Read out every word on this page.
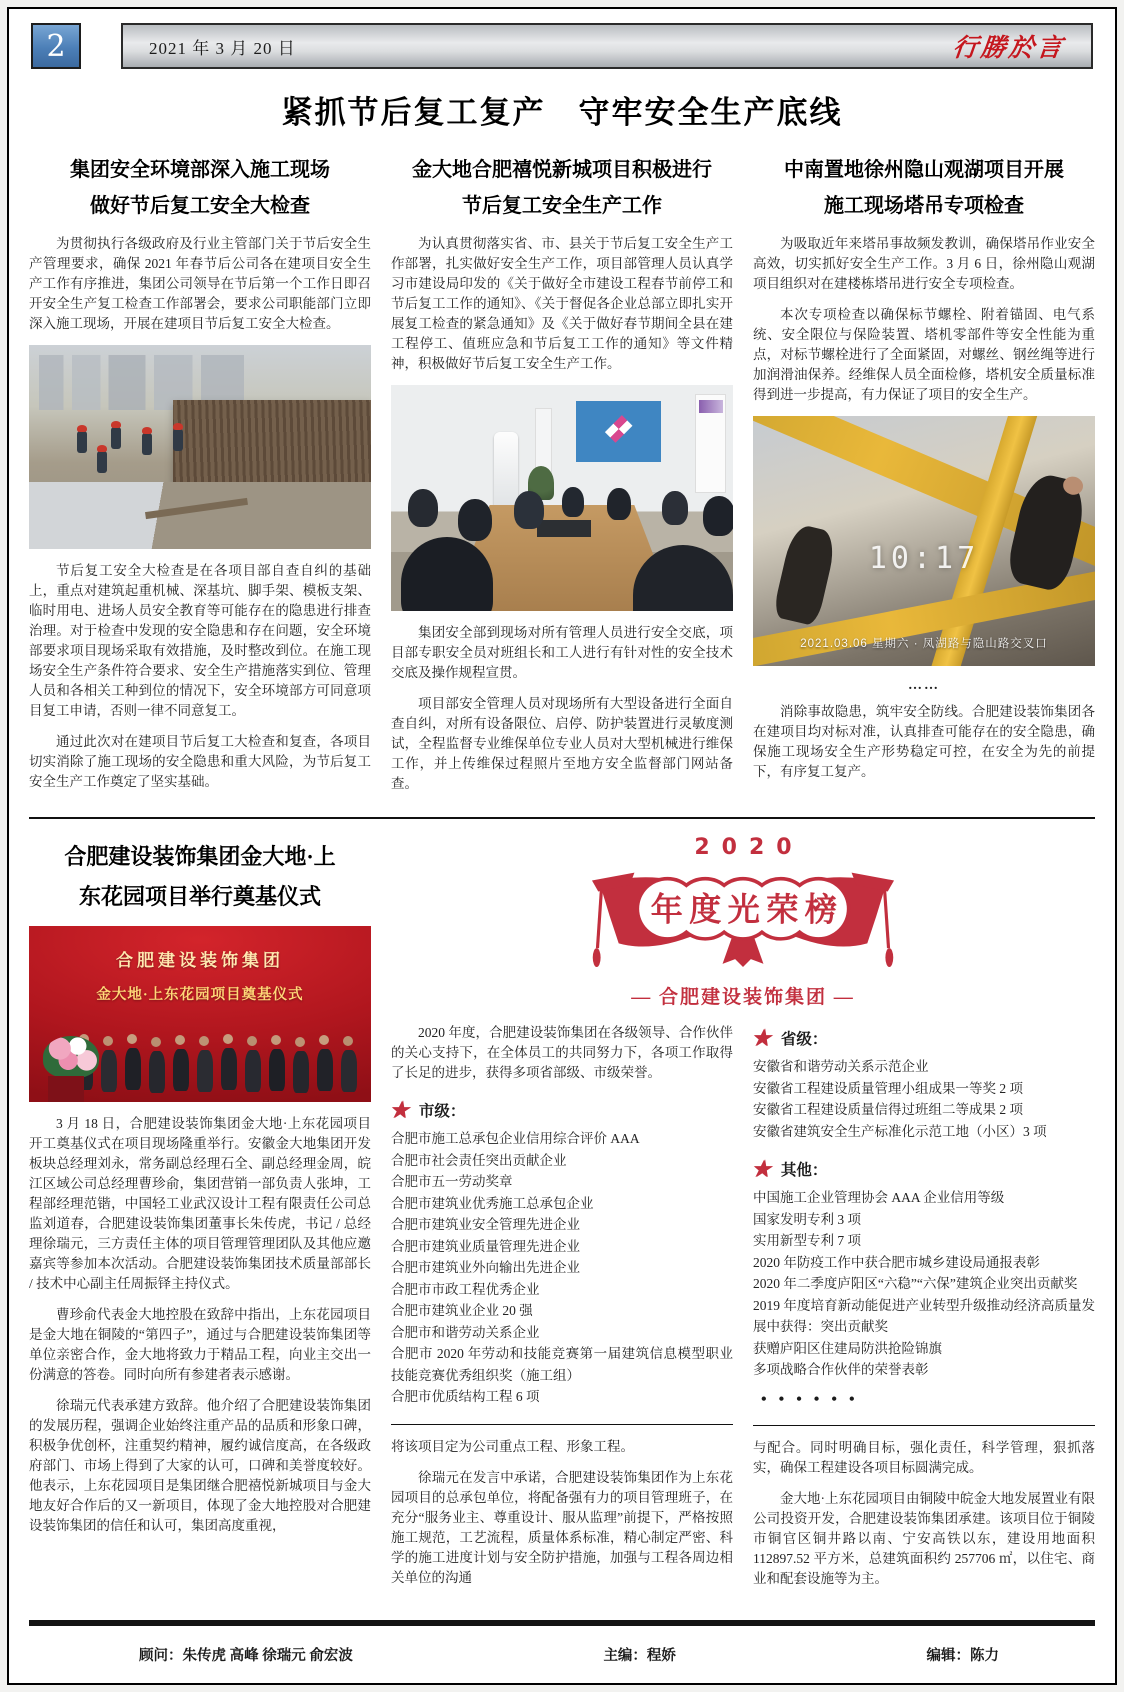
2	2021 年 3 月 20 日	行勝於言
紧抓节后复工复产　守牢安全生产底线
集团安全环境部深入施工现场
做好节后复工安全大检查

为贯彻执行各级政府及行业主管部门关于节后安全生产管理要求，确保 2021 年春节后公司各在建项目安全生产工作有序推进，集团公司领导在节后第一个工作日即召开安全生产复工检查工作部署会，要求公司职能部门立即深入施工现场，开展在建项目节后复工安全大检查。

节后复工安全大检查是在各项目部自查自纠的基础上，重点对建筑起重机械、深基坑、脚手架、模板支架、临时用电、进场人员安全教育等可能存在的隐患进行排查治理。对于检查中发现的安全隐患和存在问题，安全环境部要求项目现场采取有效措施，及时整改到位。在施工现场安全生产条件符合要求、安全生产措施落实到位、管理人员和各相关工种到位的情况下，安全环境部方可同意项目复工申请，否则一律不同意复工。

通过此次对在建项目节后复工大检查和复查，各项目切实消除了施工现场的安全隐患和重大风险，为节后复工安全生产工作奠定了坚实基础。

金大地合肥禧悦新城项目积极进行
节后复工安全生产工作

为认真贯彻落实省、市、县关于节后复工安全生产工作部署，扎实做好安全生产工作，项目部管理人员认真学习市建设局印发的《关于做好全市建设工程春节前停工和节后复工工作的通知》、《关于督促各企业总部立即扎实开展复工检查的紧急通知》及《关于做好春节期间全县在建工程停工、值班应急和节后复工工作的通知》等文件精神，积极做好节后复工安全生产工作。

集团安全部到现场对所有管理人员进行安全交底，项目部专职安全员对班组长和工人进行有针对性的安全技术交底及操作规程宣贯。

项目部安全管理人员对现场所有大型设备进行全面自查自纠，对所有设备限位、启停、防护装置进行灵敏度测试，全程监督专业维保单位专业人员对大型机械进行维保工作，并上传维保过程照片至地方安全监督部门网站备查。

中南置地徐州隐山观湖项目开展
施工现场塔吊专项检查

为吸取近年来塔吊事故频发教训，确保塔吊作业安全高效，切实抓好安全生产工作。3 月 6 日，徐州隐山观湖项目组织对在建楼栋塔吊进行安全专项检查。

本次专项检查以确保标节螺栓、附着锚固、电气系统、安全限位与保险装置、塔机零部件等安全性能为重点，对标节螺栓进行了全面紧固，对螺丝、钢丝绳等进行加润滑油保养。经维保人员全面检修，塔机安全质量标准得到进一步提高，有力保证了项目的安全生产。

10:17
2021.03.06 星期六 · 凤湖路与隐山路交叉口
……

消除事故隐患，筑牢安全防线。合肥建设装饰集团各在建项目均对标对准，认真排查可能存在的安全隐患，确保施工现场安全生产形势稳定可控，在安全为先的前提下，有序复工复产。

合肥建设装饰集团金大地·上
东花园项目举行奠基仪式
合肥建设装饰集团
金大地·上东花园项目奠基仪式

3 月 18 日，合肥建设装饰集团金大地·上东花园项目开工奠基仪式在项目现场隆重举行。安徽金大地集团开发板块总经理刘永，常务副总经理石全、副总经理金周，皖江区域公司总经理曹珍俞，集团营销一部负责人张坤，工程部经理范锴，中国轻工业武汉设计工程有限责任公司总监刘道春，合肥建设装饰集团董事长朱传虎，书记 / 总经理徐瑞元，三方责任主体的项目管理管理团队及其他应邀嘉宾等参加本次活动。合肥建设装饰集团技术质量部部长 / 技术中心副主任周振铎主持仪式。

曹珍俞代表金大地控股在致辞中指出，上东花园项目是金大地在铜陵的“第四子”，通过与合肥建设装饰集团等单位亲密合作，金大地将致力于精品工程，向业主交出一份满意的答卷。同时向所有参建者表示感谢。

徐瑞元代表承建方致辞。他介绍了合肥建设装饰集团的发展历程，强调企业始终注重产品的品质和形象口碑，积极争优创杯，注重契约精神，履约诚信度高，在各级政府部门、市场上得到了大家的认可，口碑和美誉度较好。他表示，上东花园项目是集团继合肥禧悦新城项目与金大地友好合作后的又一新项目，体现了金大地控股对合肥建设装饰集团的信任和认可，集团高度重视，

2020
年度光荣榜
— 合肥建设装饰集团 —

2020 年度，合肥建设装饰集团在各级领导、合作伙伴的关心支持下，在全体员工的共同努力下，各项工作取得了长足的进步，获得多项省部级、市级荣誉。

★ 市级：
合肥市施工总承包企业信用综合评价 AAA
合肥市社会责任突出贡献企业
合肥市五一劳动奖章
合肥市建筑业优秀施工总承包企业
合肥市建筑业安全管理先进企业
合肥市建筑业质量管理先进企业
合肥市建筑业外向输出先进企业
合肥市市政工程优秀企业
合肥市建筑业企业 20 强
合肥市和谐劳动关系企业
合肥市 2020 年劳动和技能竞赛第一届建筑信息模型职业技能竞赛优秀组织奖（施工组）
合肥市优质结构工程 6 项

将该项目定为公司重点工程、形象工程。

徐瑞元在发言中承诺，合肥建设装饰集团作为上东花园项目的总承包单位，将配备强有力的项目管理班子，在充分“服务业主、尊重设计、服从监理”前提下，严格按照施工规范，工艺流程，质量体系标准，精心制定严密、科学的施工进度计划与安全防护措施，加强与工程各周边相关单位的沟通

★ 省级：
安徽省和谐劳动关系示范企业
安徽省工程建设质量管理小组成果一等奖 2 项
安徽省工程建设质量信得过班组二等成果 2 项
安徽省建筑安全生产标准化示范工地（小区）3 项
★ 其他：
中国施工企业管理协会 AAA 企业信用等级
国家发明专利 3 项
实用新型专利 7 项
2020 年防疫工作中获合肥市城乡建设局通报表彰
2020 年二季度庐阳区“六稳”“六保”建筑企业突出贡献奖
2019 年度培育新动能促进产业转型升级推动经济高质量发展中获得：突出贡献奖
获赠庐阳区住建局防洪抢险锦旗
多项战略合作伙伴的荣誉表彰
• • • • • •

与配合。同时明确目标，强化责任，科学管理，狠抓落实，确保工程建设各项目标圆满完成。

金大地·上东花园项目由铜陵中皖金大地发展置业有限公司投资开发，合肥建设装饰集团承建。该项目位于铜陵市铜官区铜井路以南、宁安高铁以东，建设用地面积 112897.52 平方米，总建筑面积约 257706 ㎡，以住宅、商业和配套设施等为主。

顾问：朱传虎 高峰 徐瑞元 俞宏波	主编：程娇	编辑：陈力
